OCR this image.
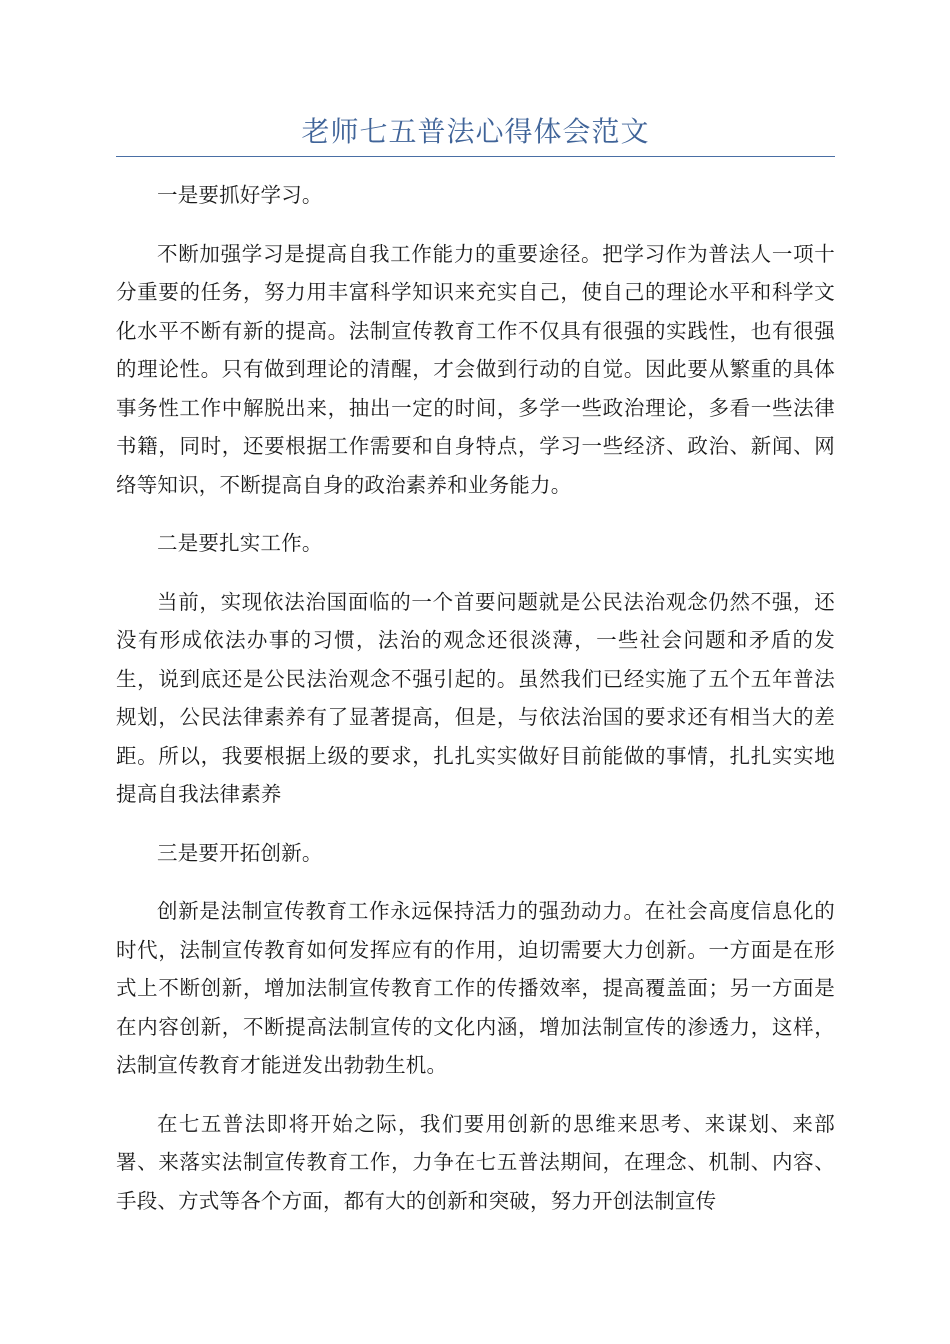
老师七五普法心得体会范文

一是要抓好学习。

不断加强学习是提高自我工作能力的重要途径。把学习作为普法人一项十分重要的任务，努力用丰富科学知识来充实自己，使自己的理论水平和科学文化水平不断有新的提高。法制宣传教育工作不仅具有很强的实践性，也有很强的理论性。只有做到理论的清醒，才会做到行动的自觉。因此要从繁重的具体事务性工作中解脱出来，抽出一定的时间，多学一些政治理论，多看一些法律书籍，同时，还要根据工作需要和自身特点，学习一些经济、政治、新闻、网络等知识，不断提高自身的政治素养和业务能力。

二是要扎实工作。

当前，实现依法治国面临的一个首要问题就是公民法治观念仍然不强，还没有形成依法办事的习惯，法治的观念还很淡薄，一些社会问题和矛盾的发生，说到底还是公民法治观念不强引起的。虽然我们已经实施了五个五年普法规划，公民法律素养有了显著提高，但是，与依法治国的要求还有相当大的差距。所以，我要根据上级的要求，扎扎实实做好目前能做的事情，扎扎实实地提高自我法律素养

三是要开拓创新。

创新是法制宣传教育工作永远保持活力的强劲动力。在社会高度信息化的时代，法制宣传教育如何发挥应有的作用，迫切需要大力创新。一方面是在形式上不断创新，增加法制宣传教育工作的传播效率，提高覆盖面；另一方面是在内容创新，不断提高法制宣传的文化内涵，增加法制宣传的渗透力，这样，法制宣传教育才能迸发出勃勃生机。

在七五普法即将开始之际，我们要用创新的思维来思考、来谋划、来部署、来落实法制宣传教育工作，力争在七五普法期间，在理念、机制、内容、手段、方式等各个方面，都有大的创新和突破，努力开创法制宣传
